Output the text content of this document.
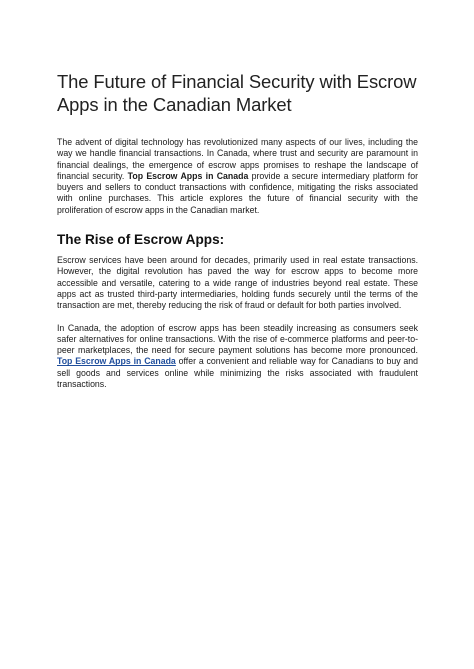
The Future of Financial Security with Escrow Apps in the Canadian Market

The advent of digital technology has revolutionized many aspects of our lives, including the way we handle financial transactions. In Canada, where trust and security are paramount in financial dealings, the emergence of escrow apps promises to reshape the landscape of financial security. Top Escrow Apps in Canada provide a secure intermediary platform for buyers and sellers to conduct transactions with confidence, mitigating the risks associated with online purchases. This article explores the future of financial security with the proliferation of escrow apps in the Canadian market.

The Rise of Escrow Apps:

Escrow services have been around for decades, primarily used in real estate transactions. However, the digital revolution has paved the way for escrow apps to become more accessible and versatile, catering to a wide range of industries beyond real estate. These apps act as trusted third-party intermediaries, holding funds securely until the terms of the transaction are met, thereby reducing the risk of fraud or default for both parties involved.

In Canada, the adoption of escrow apps has been steadily increasing as consumers seek safer alternatives for online transactions. With the rise of e-commerce platforms and peer-to-peer marketplaces, the need for secure payment solutions has become more pronounced. Top Escrow Apps in Canada offer a convenient and reliable way for Canadians to buy and sell goods and services online while minimizing the risks associated with fraudulent transactions.
